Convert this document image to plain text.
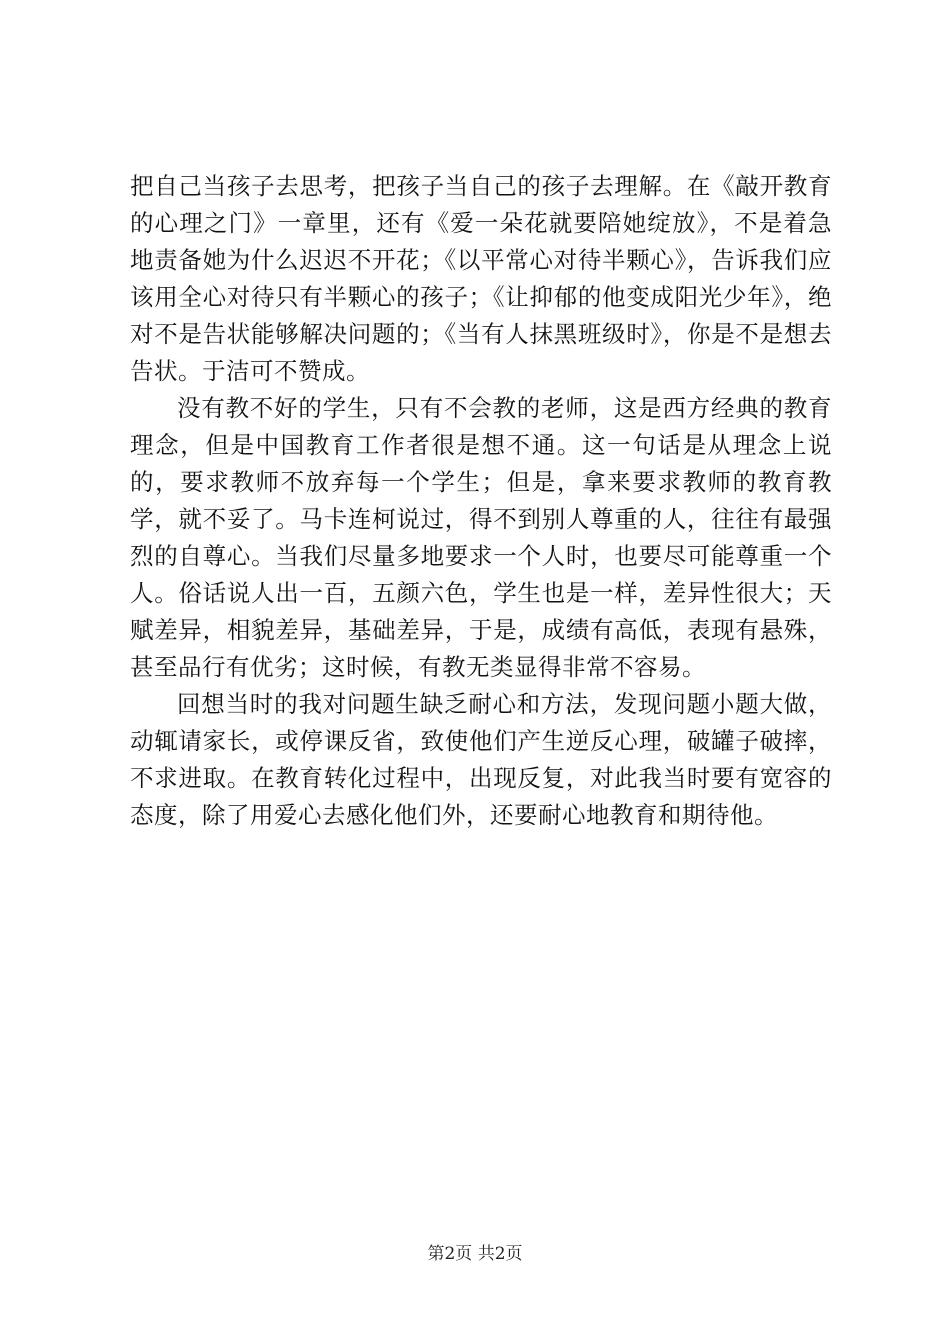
把自己当孩子去思考，把孩子当自己的孩子去理解。在《敲开教育的心理之门》一章里，还有《爱一朵花就要陪她绽放》，不是着急地责备她为什么迟迟不开花；《以平常心对待半颗心》，告诉我们应该用全心对待只有半颗心的孩子；《让抑郁的他变成阳光少年》，绝对不是告状能够解决问题的；《当有人抹黑班级时》，你是不是想去告状。于洁可不赞成。

没有教不好的学生，只有不会教的老师，这是西方经典的教育理念，但是中国教育工作者很是想不通。这一句话是从理念上说的，要求教师不放弃每一个学生；但是，拿来要求教师的教育教学，就不妥了。马卡连柯说过，得不到别人尊重的人，往往有最强烈的自尊心。当我们尽量多地要求一个人时，也要尽可能尊重一个人。俗话说人出一百，五颜六色，学生也是一样，差异性很大；天赋差异，相貌差异，基础差异，于是，成绩有高低，表现有悬殊，甚至品行有优劣；这时候，有教无类显得非常不容易。

回想当时的我对问题生缺乏耐心和方法，发现问题小题大做，动辄请家长，或停课反省，致使他们产生逆反心理，破罐子破摔，不求进取。在教育转化过程中，出现反复，对此我当时要有宽容的态度，除了用爱心去感化他们外，还要耐心地教育和期待他。

第2页 共2页
